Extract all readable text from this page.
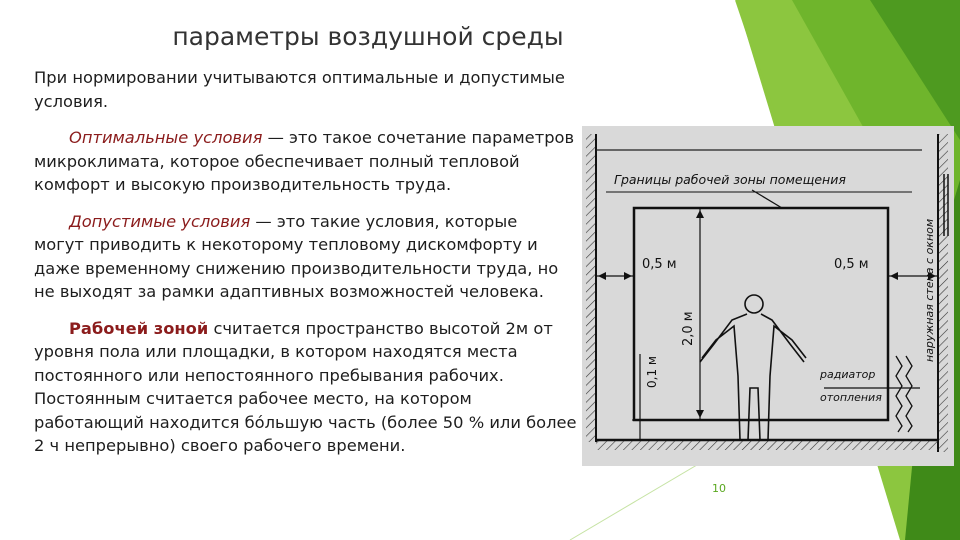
параметры воздушной среды

При нормировании учитываются оптимальные и допустимые условия.

Оптимальные условия — это такое сочетание параметров микроклимата, которое обеспечивает полный тепловой комфорт и высокую производительность труда.

Допустимые условия — это такие условия, которые
могут приводить к некоторому тепловому дискомфорту и
даже временному снижению производительности труда, но
не выходят за рамки адаптивных возможностей человека.

Рабочей зоной считается пространство высотой 2м от уровня пола или площадки, в котором находятся места постоянного или непостоянного пребывания рабочих. Постоянным считается рабочее место, на котором работающий находится бóльшую часть (более 50 % или более 2 ч непрерывно) своего рабочего времени.

Границы рабочей зоны помещения
0,5 м	0,5 м
2,0 м
0,1 м
наружная стена с окном
радиатор
отопления
10
